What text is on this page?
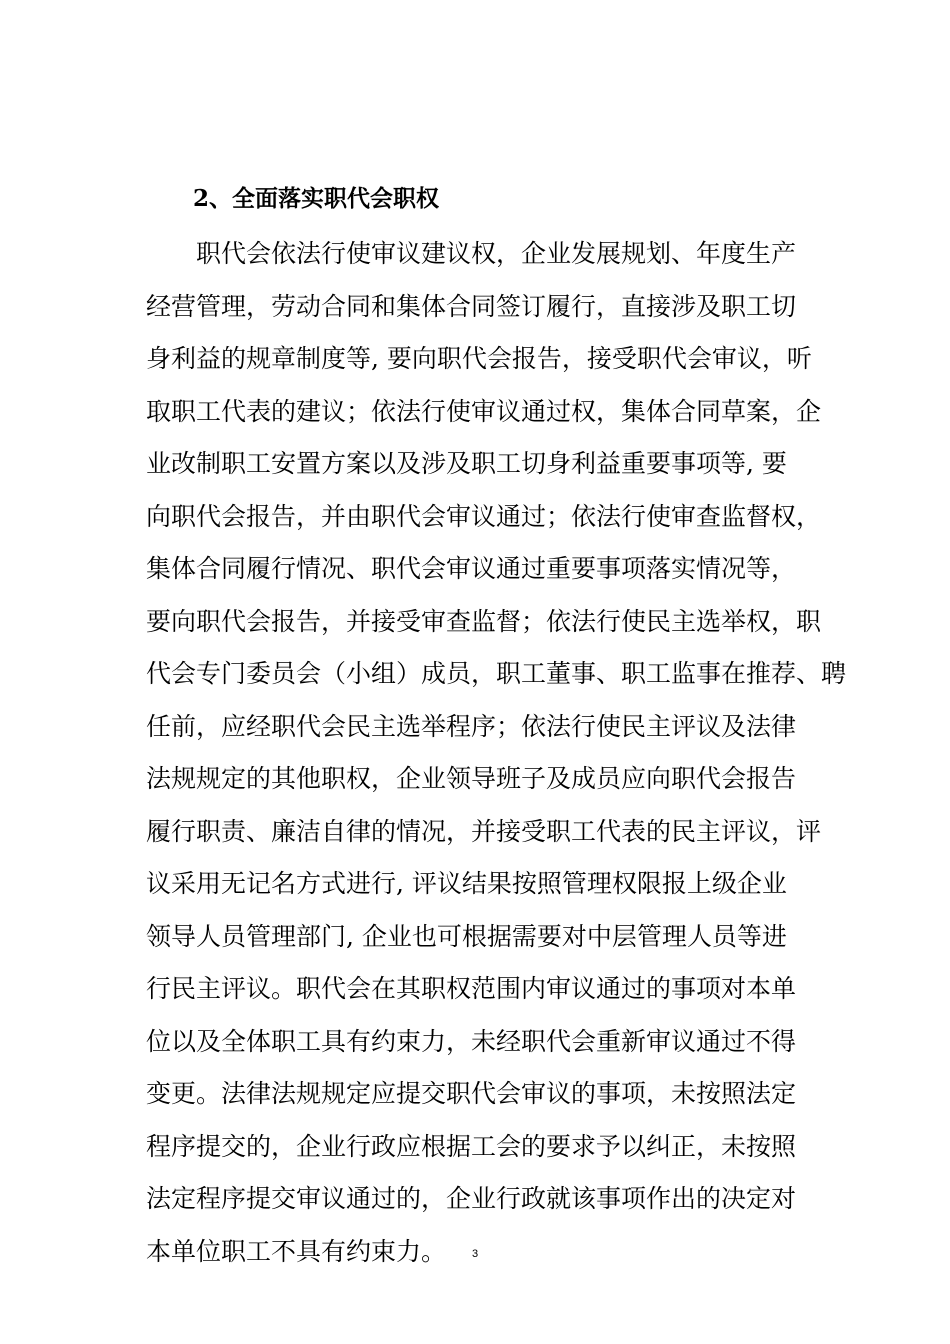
2、全面落实职代会职权
职代会依法行使审议建议权，企业发展规划、年度生产
经营管理，劳动合同和集体合同签订履行，直接涉及职工切
身利益的规章制度等, 要向职代会报告，接受职代会审议，听
取职工代表的建议；依法行使审议通过权，集体合同草案，企
业改制职工安置方案以及涉及职工切身利益重要事项等, 要
向职代会报告，并由职代会审议通过；依法行使审查监督权，
集体合同履行情况、职代会审议通过重要事项落实情况等，
要向职代会报告，并接受审查监督；依法行使民主选举权，职
代会专门委员会（小组）成员，职工董事、职工监事在推荐、聘
任前，应经职代会民主选举程序；依法行使民主评议及法律
法规规定的其他职权，企业领导班子及成员应向职代会报告
履行职责、廉洁自律的情况，并接受职工代表的民主评议，评
议采用无记名方式进行, 评议结果按照管理权限报上级企业
领导人员管理部门, 企业也可根据需要对中层管理人员等进
行民主评议。职代会在其职权范围内审议通过的事项对本单
位以及全体职工具有约束力，未经职代会重新审议通过不得
变更。法律法规规定应提交职代会审议的事项，未按照法定
程序提交的，企业行政应根据工会的要求予以纠正，未按照
法定程序提交审议通过的，企业行政就该事项作出的决定对
本单位职工不具有约束力。	3
